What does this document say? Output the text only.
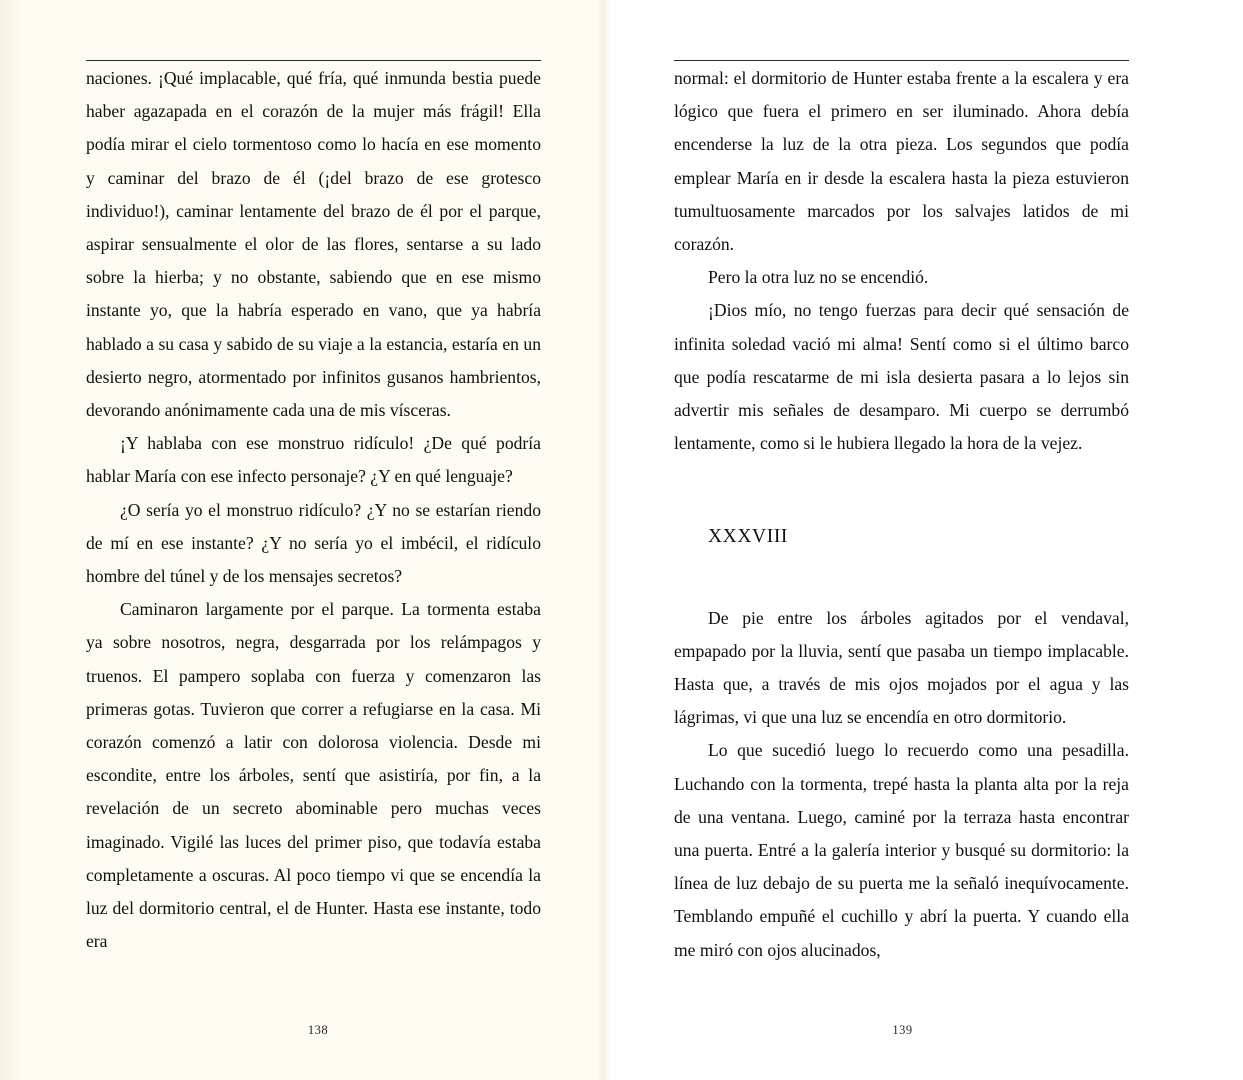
naciones. ¡Qué implacable, qué fría, qué inmunda bestia puede haber agazapada en el corazón de la mujer más frágil! Ella podía mirar el cielo tormentoso como lo hacía en ese momento y caminar del brazo de él (¡del brazo de ese grotesco individuo!), caminar lentamente del brazo de él por el parque, aspirar sensualmente el olor de las flores, sentarse a su lado sobre la hierba; y no obstante, sabiendo que en ese mismo instante yo, que la habría esperado en vano, que ya habría hablado a su casa y sabido de su viaje a la estancia, estaría en un desierto negro, atormentado por infinitos gusanos hambrientos, devorando anónimamente cada una de mis vísceras.

¡Y hablaba con ese monstruo ridículo! ¿De qué podría hablar María con ese infecto personaje? ¿Y en qué lenguaje?

¿O sería yo el monstruo ridículo? ¿Y no se estarían riendo de mí en ese instante? ¿Y no sería yo el imbécil, el ridículo hombre del túnel y de los mensajes secretos?

Caminaron largamente por el parque. La tormenta estaba ya sobre nosotros, negra, desgarrada por los relámpagos y truenos. El pampero soplaba con fuerza y comenzaron las primeras gotas. Tuvieron que correr a refugiarse en la casa. Mi corazón comenzó a latir con dolorosa violencia. Desde mi escondite, entre los árboles, sentí que asistiría, por fin, a la revelación de un secreto abominable pero muchas veces imaginado. Vigilé las luces del primer piso, que todavía estaba completamente a oscuras. Al poco tiempo vi que se encendía la luz del dormitorio central, el de Hunter. Hasta ese instante, todo era

138

normal: el dormitorio de Hunter estaba frente a la escalera y era lógico que fuera el primero en ser iluminado. Ahora debía encenderse la luz de la otra pieza. Los segundos que podía emplear María en ir desde la escalera hasta la pieza estuvieron tumultuosamente marcados por los salvajes latidos de mi corazón.

Pero la otra luz no se encendió.

¡Dios mío, no tengo fuerzas para decir qué sensación de infinita soledad vació mi alma! Sentí como si el último barco que podía rescatarme de mi isla desierta pasara a lo lejos sin advertir mis señales de desamparo. Mi cuerpo se derrumbó lentamente, como si le hubiera llegado la hora de la vejez.

XXXVIII

De pie entre los árboles agitados por el vendaval, empapado por la lluvia, sentí que pasaba un tiempo implacable. Hasta que, a través de mis ojos mojados por el agua y las lágrimas, vi que una luz se encendía en otro dormitorio.

Lo que sucedió luego lo recuerdo como una pesadilla. Luchando con la tormenta, trepé hasta la planta alta por la reja de una ventana. Luego, caminé por la terraza hasta encontrar una puerta. Entré a la galería interior y busqué su dormitorio: la línea de luz debajo de su puerta me la señaló inequívocamente. Temblando empuñé el cuchillo y abrí la puerta. Y cuando ella me miró con ojos alucinados,

139
